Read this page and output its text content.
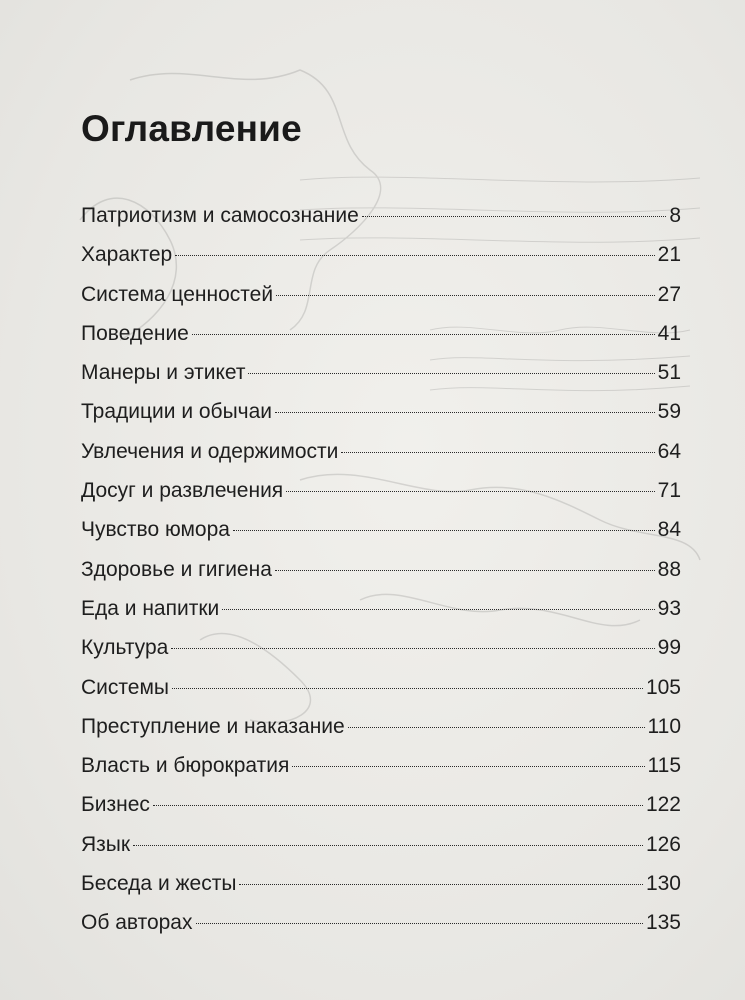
Оглавление
Патриотизм и самосознание	8
Характер	21
Система ценностей	27
Поведение	41
Манеры и этикет	51
Традиции и обычаи	59
Увлечения и одержимости	64
Досуг и развлечения	71
Чувство юмора	84
Здоровье и гигиена	88
Еда и напитки	93
Культура	99
Системы	105
Преступление и наказание	110
Власть и бюрократия	115
Бизнес	122
Язык	126
Беседа и жесты	130
Об авторах	135
